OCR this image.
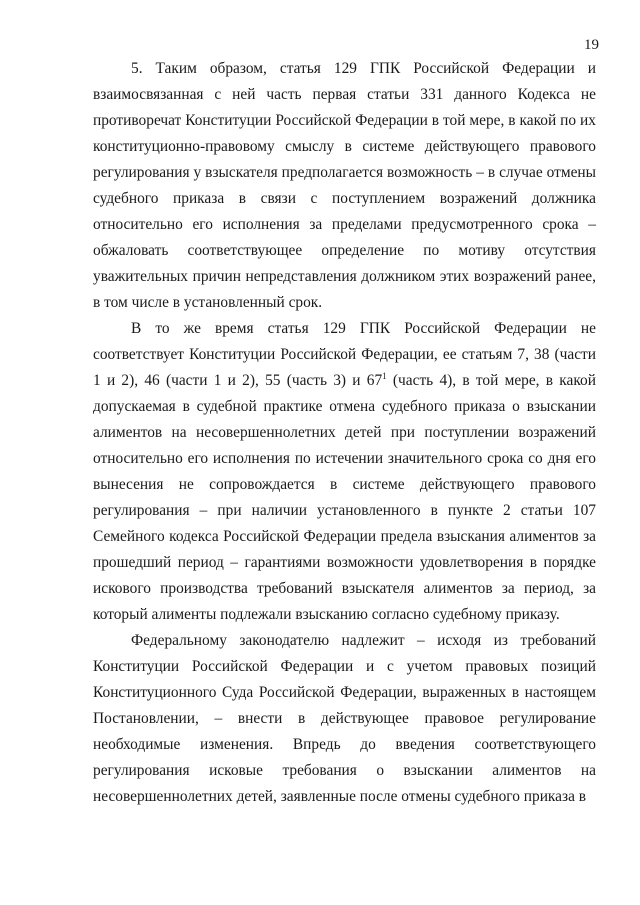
19

5. Таким образом, статья 129 ГПК Российской Федерации и взаимосвязанная с ней часть первая статьи 331 данного Кодекса не противоречат Конституции Российской Федерации в той мере, в какой по их конституционно-правовому смыслу в системе действующего правового регулирования у взыскателя предполагается возможность – в случае отмены судебного приказа в связи с поступлением возражений должника относительно его исполнения за пределами предусмотренного срока – обжаловать соответствующее определение по мотиву отсутствия уважительных причин непредставления должником этих возражений ранее, в том числе в установленный срок.

В то же время статья 129 ГПК Российской Федерации не соответствует Конституции Российской Федерации, ее статьям 7, 38 (части 1 и 2), 46 (части 1 и 2), 55 (часть 3) и $67^1$ (часть 4), в той мере, в какой допускаемая в судебной практике отмена судебного приказа о взыскании алиментов на несовершеннолетних детей при поступлении возражений относительно его исполнения по истечении значительного срока со дня его вынесения не сопровождается в системе действующего правового регулирования – при наличии установленного в пункте 2 статьи 107 Семейного кодекса Российской Федерации предела взыскания алиментов за прошедший период – гарантиями возможности удовлетворения в порядке искового производства требований взыскателя алиментов за период, за который алименты подлежали взысканию согласно судебному приказу.

Федеральному законодателю надлежит – исходя из требований Конституции Российской Федерации и с учетом правовых позиций Конституционного Суда Российской Федерации, выраженных в настоящем Постановлении, – внести в действующее правовое регулирование необходимые изменения. Впредь до введения соответствующего регулирования исковые требования о взыскании алиментов на несовершеннолетних детей, заявленные после отмены судебного приказа в
